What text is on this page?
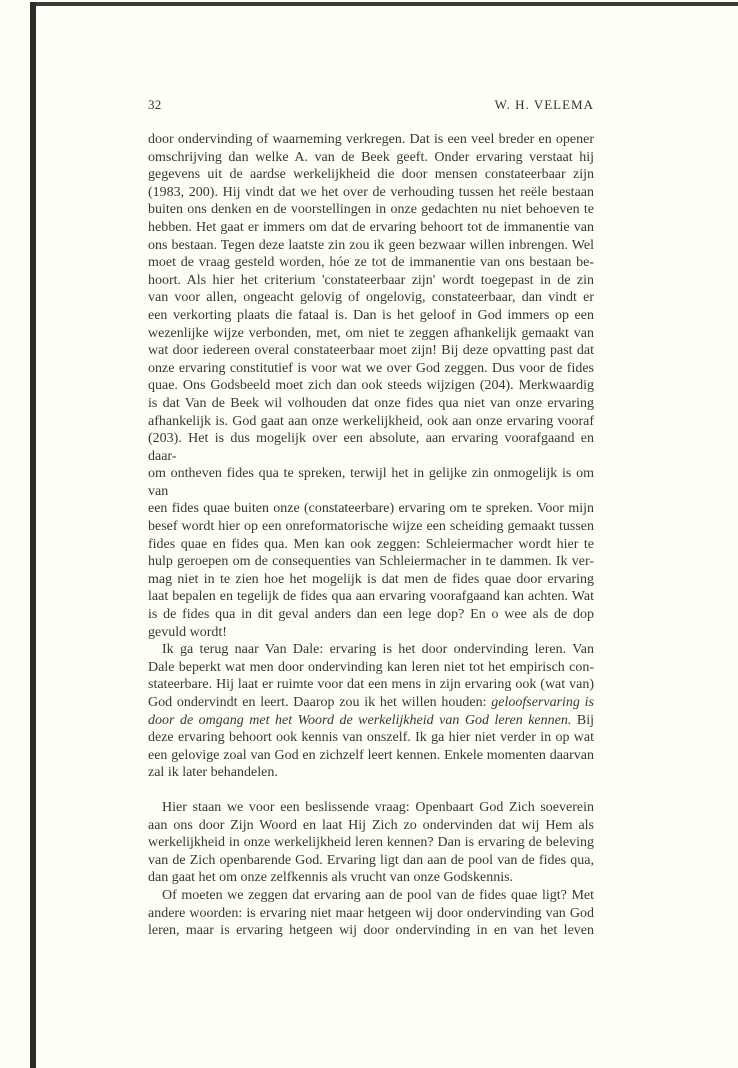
32	W. H. VELEMA

door ondervinding of waarneming verkregen. Dat is een veel breder en opener

omschrijving dan welke A. van de Beek geeft. Onder ervaring verstaat hij

gegevens uit de aardse werkelijkheid die door mensen constateerbaar zijn

(1983, 200). Hij vindt dat we het over de verhouding tussen het reële bestaan

buiten ons denken en de voorstellingen in onze gedachten nu niet behoeven te

hebben. Het gaat er immers om dat de ervaring behoort tot de immanentie van

ons bestaan. Tegen deze laatste zin zou ik geen bezwaar willen inbrengen. Wel

moet de vraag gesteld worden, hóe ze tot de immanentie van ons bestaan be-

hoort. Als hier het criterium 'constateerbaar zijn' wordt toegepast in de zin

van voor allen, ongeacht gelovig of ongelovig, constateerbaar, dan vindt er

een verkorting plaats die fataal is. Dan is het geloof in God immers op een

wezenlijke wijze verbonden, met, om niet te zeggen afhankelijk gemaakt van

wat door iedereen overal constateerbaar moet zijn! Bij deze opvatting past dat

onze ervaring constitutief is voor wat we over God zeggen. Dus voor de fides

quae. Ons Godsbeeld moet zich dan ook steeds wijzigen (204). Merkwaardig

is dat Van de Beek wil volhouden dat onze fides qua niet van onze ervaring

afhankelijk is. God gaat aan onze werkelijkheid, ook aan onze ervaring vooraf

(203). Het is dus mogelijk over een absolute, aan ervaring voorafgaand en daar-

om ontheven fides qua te spreken, terwijl het in gelijke zin onmogelijk is om van

een fides quae buiten onze (constateerbare) ervaring om te spreken. Voor mijn

besef wordt hier op een onreformatorische wijze een scheiding gemaakt tussen

fides quae en fides qua. Men kan ook zeggen: Schleiermacher wordt hier te

hulp geroepen om de consequenties van Schleiermacher in te dammen. Ik ver-

mag niet in te zien hoe het mogelijk is dat men de fides quae door ervaring

laat bepalen en tegelijk de fides qua aan ervaring voorafgaand kan achten. Wat

is de fides qua in dit geval anders dan een lege dop? En o wee als de dop

gevuld wordt!

Ik ga terug naar Van Dale: ervaring is het door ondervinding leren. Van

Dale beperkt wat men door ondervinding kan leren niet tot het empirisch con-

stateerbare. Hij laat er ruimte voor dat een mens in zijn ervaring ook (wat van)

God ondervindt en leert. Daarop zou ik het willen houden: geloofservaring is

door de omgang met het Woord de werkelijkheid van God leren kennen. Bij

deze ervaring behoort ook kennis van onszelf. Ik ga hier niet verder in op wat

een gelovige zoal van God en zichzelf leert kennen. Enkele momenten daarvan

zal ik later behandelen.

Hier staan we voor een beslissende vraag: Openbaart God Zich soeverein

aan ons door Zijn Woord en laat Hij Zich zo ondervinden dat wij Hem als

werkelijkheid in onze werkelijkheid leren kennen? Dan is ervaring de beleving

van de Zich openbarende God. Ervaring ligt dan aan de pool van de fides qua,

dan gaat het om onze zelfkennis als vrucht van onze Godskennis.

Of moeten we zeggen dat ervaring aan de pool van de fides quae ligt? Met

andere woorden: is ervaring niet maar hetgeen wij door ondervinding van God

leren, maar is ervaring hetgeen wij door ondervinding in en van het leven
